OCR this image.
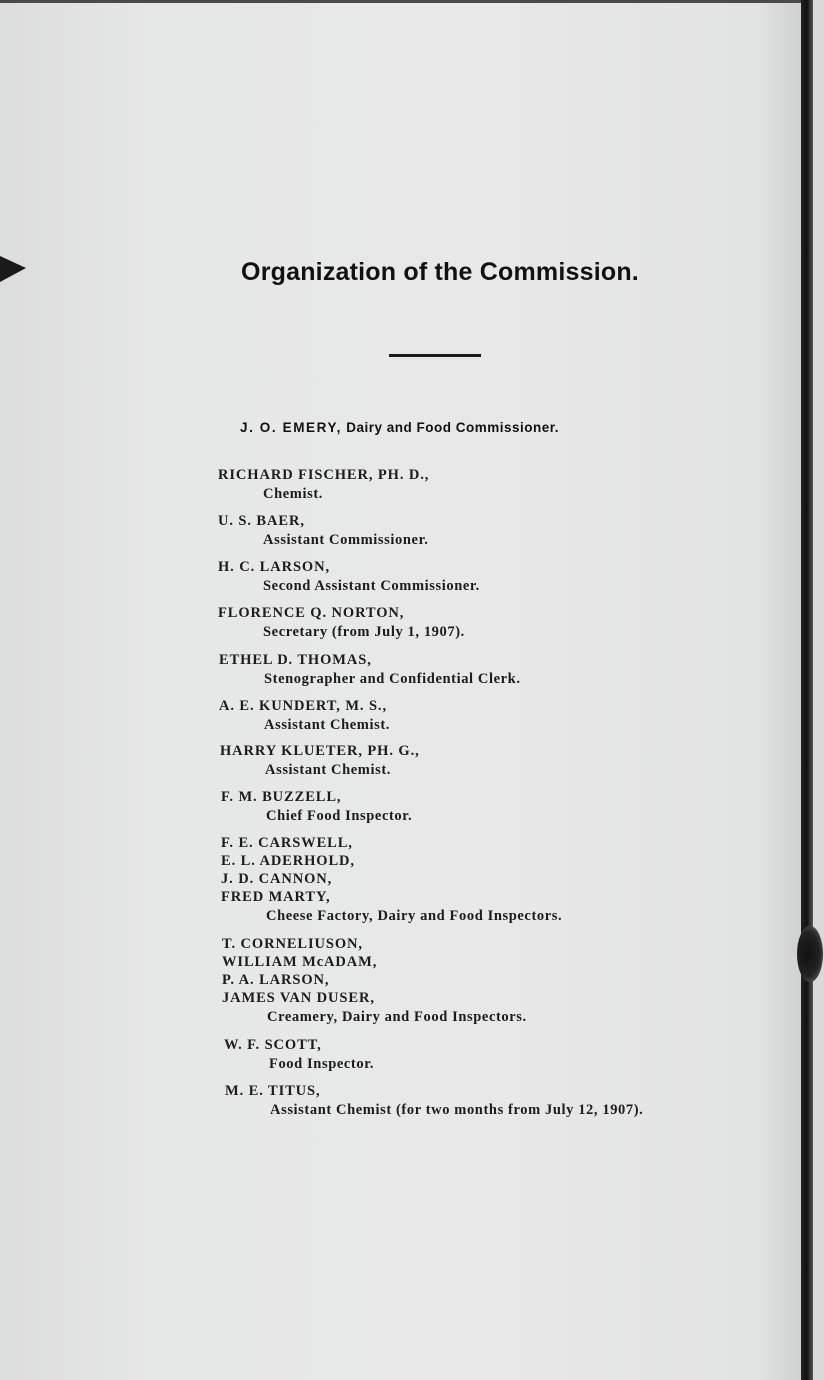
Organization of the Commission.
J. O. EMERY, Dairy and Food Commissioner.
RICHARD FISCHER, PH. D.,
Chemist.
U. S. BAER,
Assistant Commissioner.
H. C. LARSON,
Second Assistant Commissioner.
FLORENCE Q. NORTON,
Secretary (from July 1, 1907).
ETHEL D. THOMAS,
Stenographer and Confidential Clerk.
A. E. KUNDERT, M. S.,
Assistant Chemist.
HARRY KLUETER, PH. G.,
Assistant Chemist.
F. M. BUZZELL,
Chief Food Inspector.
F. E. CARSWELL,
E. L. ADERHOLD,
J. D. CANNON,
FRED MARTY,
Cheese Factory, Dairy and Food Inspectors.
T. CORNELIUSON,
WILLIAM McADAM,
P. A. LARSON,
JAMES VAN DUSER,
Creamery, Dairy and Food Inspectors.
W. F. SCOTT,
Food Inspector.
M. E. TITUS,
Assistant Chemist (for two months from July 12, 1907).
